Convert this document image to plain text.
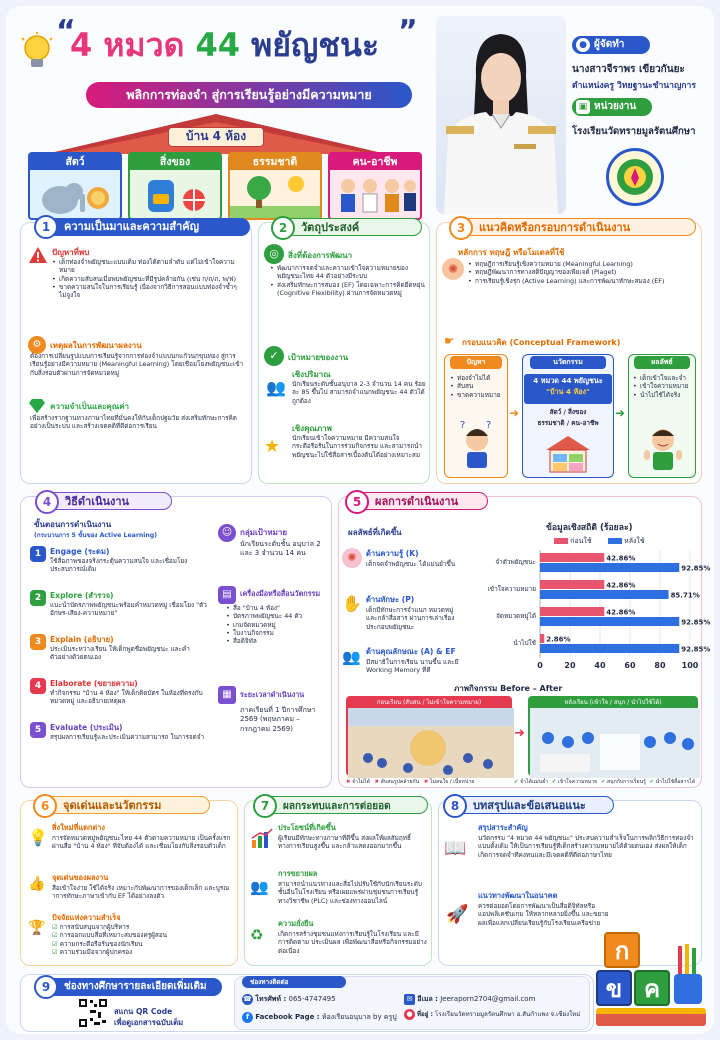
“
4 หมวด 44 พยัญชนะ ”
พลิกการท่องจำ สู่การเรียนรู้อย่างมีความหมาย
บ้าน 4 ห้อง
สัตว์	สิ่งของ	ธรรมชาติ	คน-อาชีพ
● ผู้จัดทำ
นางสาวจีราพร เขียวกันยะ
ตำแหน่งครู วิทยฐานะชำนาญการ
▣ หน่วยงาน
โรงเรียนวัดทรายมูลรัตนศึกษา
1	ความเป็นมาและความสำคัญ
ปัญหาที่พบ
• เด็กท่องจำพยัญชนะแบบเดิม ท่องได้ตามลำดับ แต่ไม่เข้าใจความหมาย
• เกิดความสับสนเมื่อพบพยัญชนะที่มีรูปคล้ายกัน (เช่น ก/ถ/ภ, พ/ฟ)
• ขาดความสนใจในการเรียนรู้ เนื่องจากวิธีการสอนแบบท่องจำซ้ำๆ ไม่จูงใจ
⚙	เหตุผลในการพัฒนาผลงาน
ต้องการเปลี่ยนรูปแบบการเรียนรู้จากการท่องจำแบบนกแก้วนกขุนทอง สู่การเรียนรู้อย่างมีความหมาย (Meaningful Learning) โดยเชื่อมโยงพยัญชนะเข้ากับสิ่งรอบตัวผ่านการจัดหมวดหมู่
ความจำเป็นและคุณค่า
เพื่อสร้างรากฐานทางภาษาไทยที่มั่นคงให้กับเด็กปฐมวัย ส่งเสริมทักษะการคิดอย่างเป็นระบบ และสร้างเจตคติที่ดีต่อการเรียน
2	วัตถุประสงค์
◎	สิ่งที่ต้องการพัฒนา
• พัฒนาการจดจำและความเข้าใจความหมายของพยัญชนะไทย 44 ตัวอย่างมีระบบ
• ส่งเสริมทักษะการสมอง (EF) โดยเฉพาะการคิดยืดหยุ่น (Cognitive Flexibility) ผ่านการจัดหมวดหมู่
✓	เป้าหมายของงาน
👥
เชิงปริมาณ
นักเรียนระดับชั้นอนุบาล 2-3 จำนวน 14 คน ร้อยละ 85 ขึ้นไป สามารถจำแนกพยัญชนะ 44 ตัวได้ถูกต้อง
★
เชิงคุณภาพ
นักเรียนเข้าใจความหมาย มีความสนใจกระตือรือร้นในการร่วมกิจกรรม และสามารถนำพยัญชนะไปใช้สื่อสารเบื้องต้นได้อย่างเหมาะสม
3	แนวคิดหรือกรอบการดำเนินงาน
✺
หลักการ ทฤษฎี หรือโมเดลที่ใช้
• ทฤษฎีการเรียนรู้เชิงความหมาย (Meaningful Learning)
• ทฤษฎีพัฒนาการทางสติปัญญาของเพียเจต์ (Piaget)
• การเรียนรู้เชิงรุก (Active Learning) และการพัฒนาทักษะสมอง (EF)
☛ กรอบแนวคิด (Conceptual Framework)
ปัญหา
• ท่องจำไม่ได้
• สับสน
• ขาดความหมาย
? ?
➜
นวัตกรรม
4 หมวด 44 พยัญชนะ
"บ้าน 4 ห้อง"
สัตว์ / สิ่งของ
ธรรมชาติ / คน-อาชีพ
➜
ผลลัพธ์
• เด็กเข้าใจและจำ
• เข้าใจความหมาย
• นำไปใช้ได้จริง
4	วิธีดำเนินงาน
ขั้นตอนการดำเนินงาน
(กระบวนการ 5 ขั้นของ Active Learning)
1	Engage (ระดม)
ใช้สื่อภาพของจริงกระตุ้นความสนใจ และเชื่อมโยงประสบการณ์เดิม
2	Explore (สำรวจ)
แนะนำบัตรภาพพยัญชนะพร้อมคำหมวดหมู่ เชื่อมโยง "ตัวอักษร-เสียง-ความหมาย"
3	Explain (อธิบาย)
ประเมินระหว่างเรียน ให้เด็กพูดชื่อพยัญชนะ และคำตัวอย่างด้วยตนเอง
4	Elaborate (ขยายความ)
ทำกิจกรรม "บ้าน 4 ห้อง" ให้เด็กติดบัตร ในห้องที่ตรงกับหมวดหมู่ และอธิบายเหตุผล
5	Evaluate (ประเมิน)
สรุปผลการเรียนรู้และประเมินความสามารถ ในการจดจำ
☺ กลุ่มเป้าหมาย
นักเรียนระดับชั้น อนุบาล 2 และ 3 จำนวน 14 คน
▤	เครื่องมือหรือสื่อนวัตกรรม
• สื่อ "บ้าน 4 ห้อง"
• บัตรภาพพยัญชนะ 44 ตัว
• เกมจัดหมวดหมู่
• ใบงานกิจกรรม
• สื่อดิจิทัล
▦	ระยะเวลาดำเนินงาน
ภาคเรียนที่ 1 ปีการศึกษา 2569 (พฤษภาคม – กรกฎาคม 2569)
5	ผลการดำเนินงาน
ผลลัพธ์ที่เกิดขึ้น
✺	ด้านความรู้ (K)
เด็กจดจำพยัญชนะ ได้แม่นยำขึ้น
✋ ด้านทักษะ (P)
เด็กมีทักษะการจำแนก หมวดหมู่ และกล้าสื่อสาร ผ่านการเล่าเรื่องประกอบพยัญชนะ
👥 ด้านคุณลักษณะ (A) & EF
มีสมาธิในการเรียน นานขึ้น และมี Working Memory ที่ดี
ข้อมูลเชิงสถิติ (ร้อยละ)
ก่อนใช้	หลังใช้
0	20 40 60 80 100
จำตัวพยัญชนะ	42.86%
92.85%
เข้าใจความหมาย	42.86%
85.71%
จัดหมวดหมู่ได้	42.86%
92.85%
นำไปใช้ 2.86%
92.85%
ภาพกิจกรรม Before – After
ก่อนเรียน (สับสน / ไม่เข้าใจความหมาย)
➜
หลังเรียน (เข้าใจ / สนุก / นำไปใช้ได้)
✖ จำไม่ได้ ✖ สับสนรูปคล้ายกัน ✖ ไม่สนใจ / เบื่อหน่าย	✔ จำได้แม่นยำ ✔ เข้าใจความหมาย ✔ สนุกกับการเรียนรู้ ✔ นำไปใช้สื่อสารได้
6	จุดเด่นและนวัตกรรม
💡
สิ่งใหม่ที่แตกต่าง
การจัดหมวดหมู่พยัญชนะไทย 44 ตัวตามความหมาย เป็นครั้งแรก ผ่านสื่อ "บ้าน 4 ห้อง" ที่จับต้องได้ และเชื่อมโยงกับสิ่งรอบตัวเด็ก
👍 จุดเด่นของผลงาน
สื่อเข้าใจง่าย ใช้ได้จริง เหมาะกับพัฒนาการของเด็กเล็ก และบูรณาการทักษะภาษาเข้ากับ EF ได้อย่างลงตัว
🏆
ปัจจัยแห่งความสำเร็จ
☑ การสนับสนุนจากผู้บริหาร
☑ การออกแบบสื่อที่เหมาะสมของครูผู้สอน
☑ ความกระตือรือร้นของนักเรียน
☑ ความร่วมมือจากผู้ปกครอง
7	ผลกระทบและการต่อยอด
ประโยชน์ที่เกิดขึ้น
ผู้เรียนมีทักษะทางภาษาที่ดีขึ้น ส่งผลให้ผลสัมฤทธิ์ทางการเรียนสูงขึ้น และกล้าแสดงออกมากขึ้น
👥
การขยายผล
สามารถนำแนวทางและสื่อไปปรับใช้กับนักเรียนระดับชั้นอื่นในโรงเรียน หรือเผยแพร่ผ่านชุมชนการเรียนรู้ทางวิชาชีพ (PLC) และช่องทางออนไลน์
♻
ความยั่งยืน
เกิดการสร้างชุมชนแห่งการเรียนรู้ในโรงเรียน และมีการติดตาม ประเมินผล เพื่อพัฒนาสื่อหรือกิจกรรมอย่างต่อเนื่อง
8	บทสรุปและข้อเสนอแนะ
📖
สรุปสาระสำคัญ
นวัตกรรม "4 หมวด 44 พยัญชนะ" ประสบความสำเร็จในการพลิกวิธีการท่องจำแบบดั้งเดิม ให้เป็นการเรียนรู้ที่เด็กสร้างความหมายได้ด้วยตนเอง ส่งผลให้เด็กเกิดการจดจำที่คงทนและมีเจตคติที่ดีต่อภาษาไทย
🚀
แนวทางพัฒนาในอนาคต
ควรต่อยอดโดยการพัฒนาเป็นสื่อดิจิทัลหรือแอปพลิเคชันเกม ให้หลากหลายยิ่งขึ้น และขยายผลเพื่อแลกเปลี่ยนเรียนรู้กับโรงเรียนเครือข่าย
ก
ข ค
9	ช่องทางศึกษารายละเอียดเพิ่มเติม
สแกน QR Code
เพื่อดูเอกสารฉบับเต็ม
ช่องทางติดต่อ
☎ โทรศัพท์ : 065-4747495	✉ อีเมล : Jeeraporn2704@gmail.com
f Facebook Page : ห้องเรียนอนุบาล by ครูปู	● ที่อยู่ : โรงเรียนวัดทรายมูลรัตนศึกษา อ.สันกำแพง จ.เชียงใหม่
